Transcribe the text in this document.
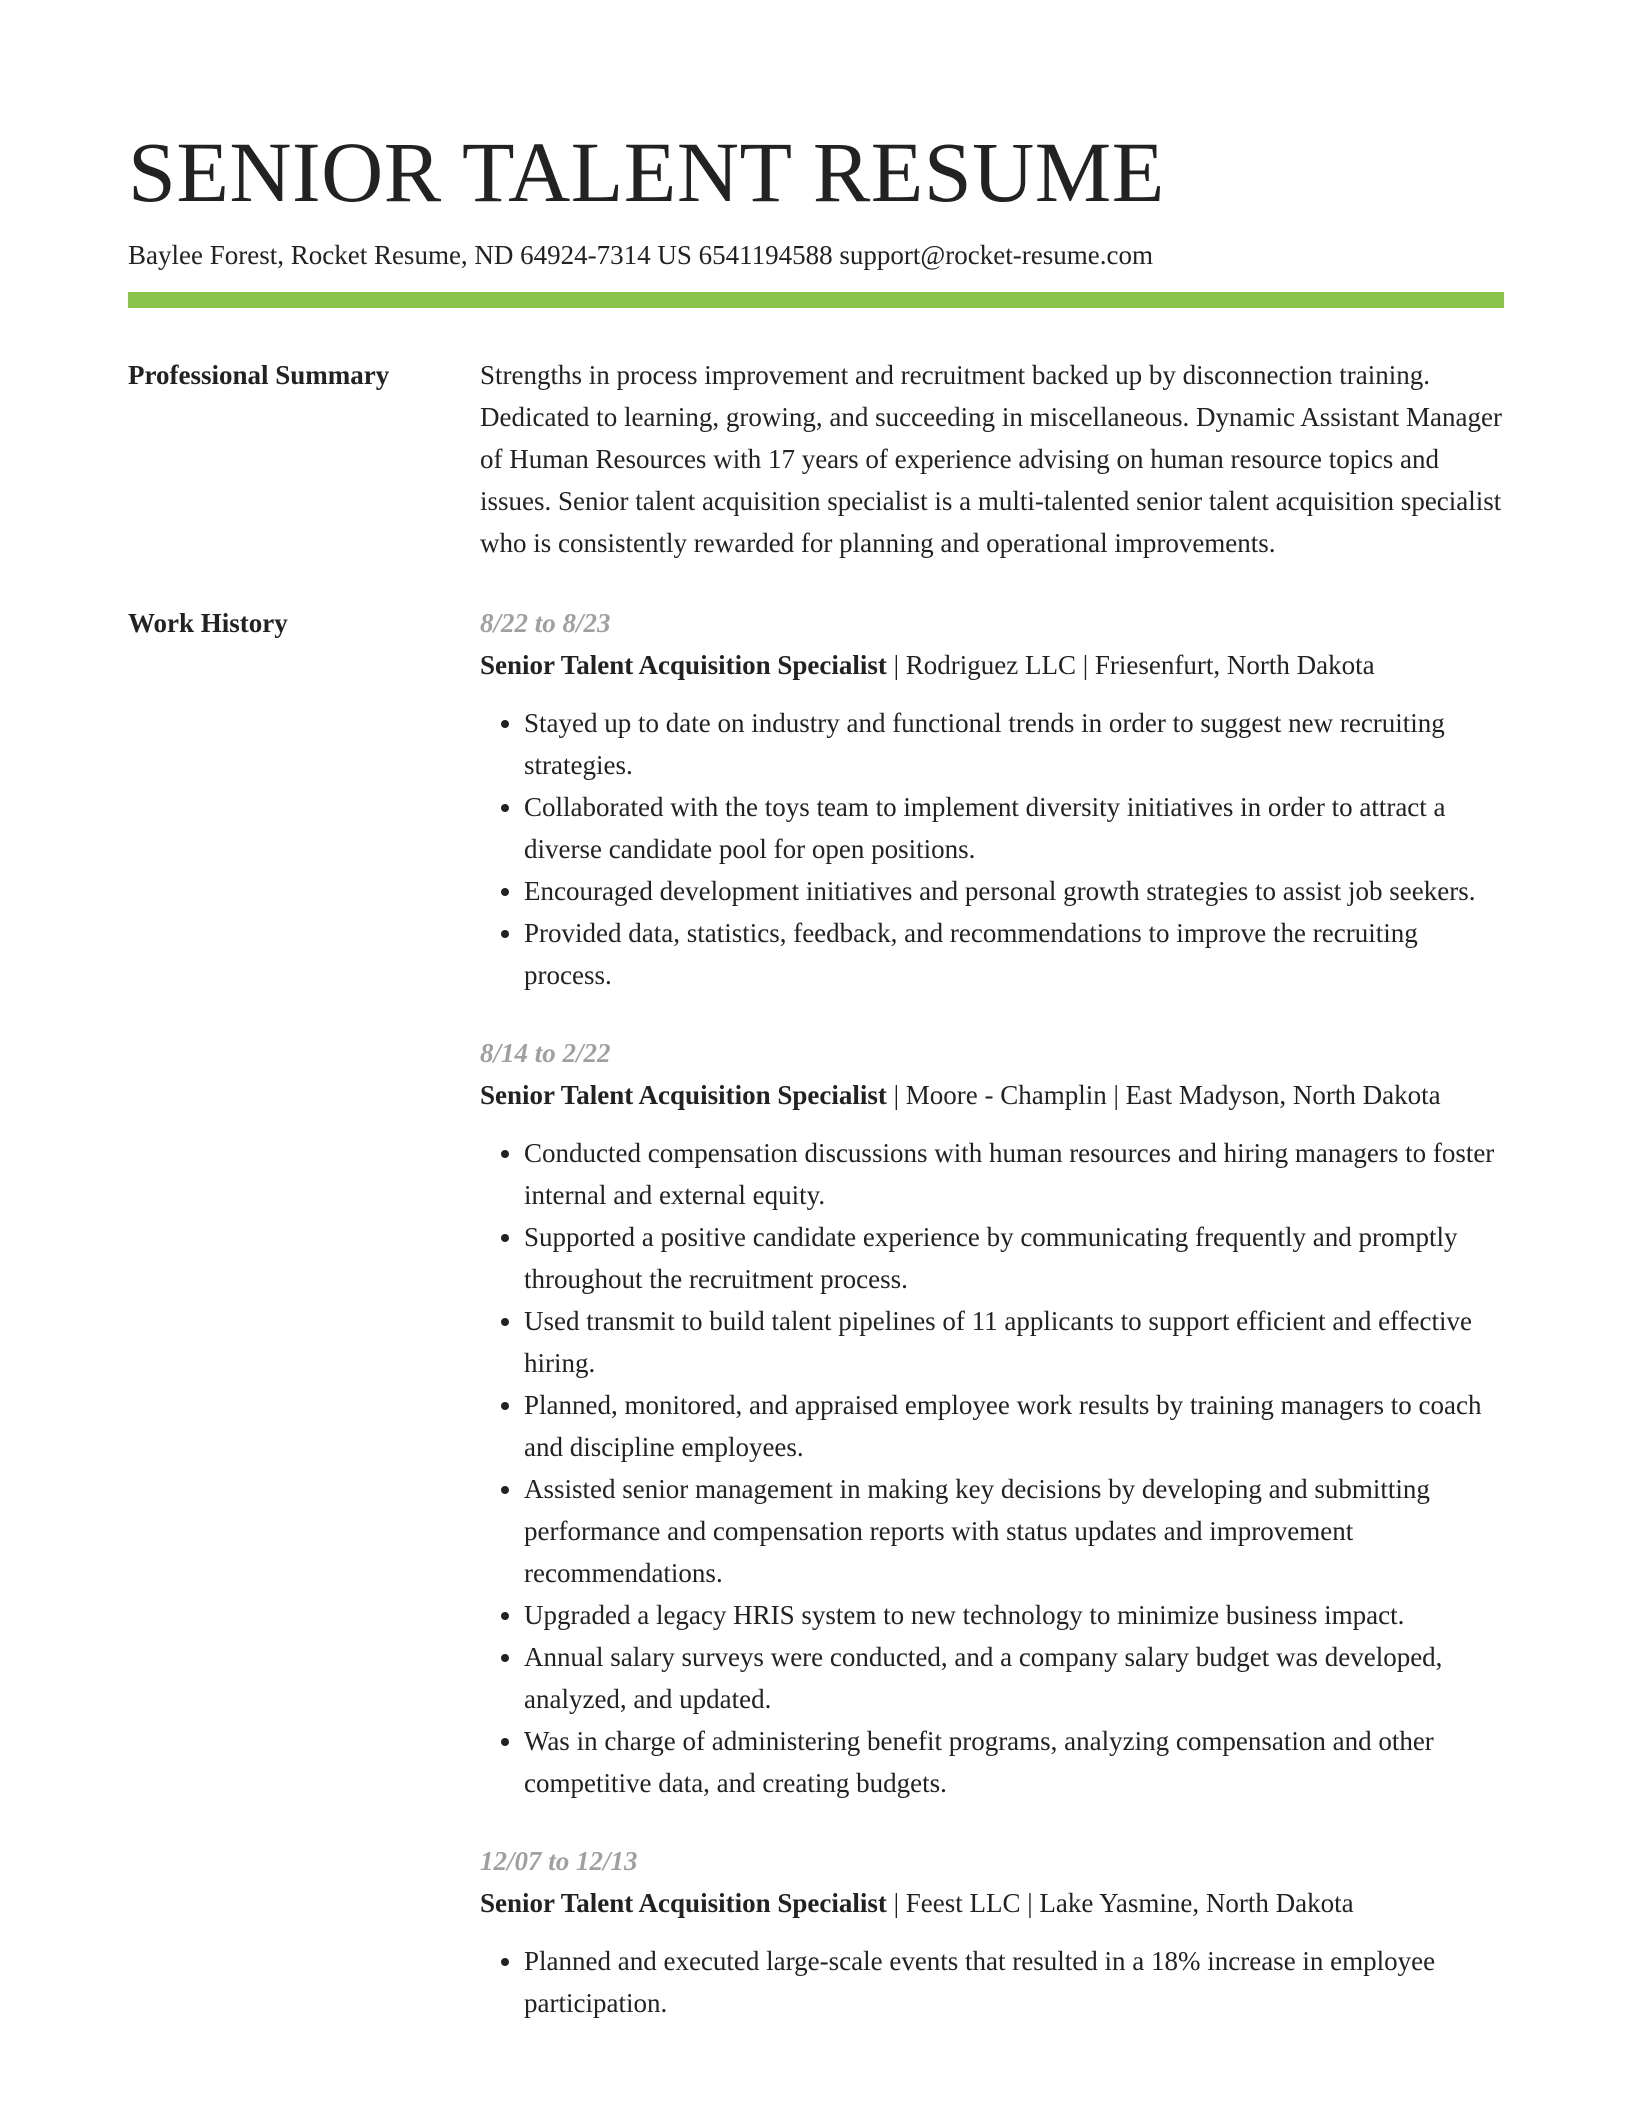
SENIOR TALENT RESUME
Baylee Forest, Rocket Resume, ND 64924-7314 US 6541194588 support@rocket-resume.com
Professional Summary	Strengths in process improvement and recruitment backed up by disconnection training. Dedicated to learning, growing, and succeeding in miscellaneous. Dynamic Assistant Manager of Human Resources with 17 years of experience advising on human resource topics and issues. Senior talent acquisition specialist is a multi-talented senior talent acquisition specialist who is consistently rewarded for planning and operational improvements.

Work History	8/22 to 8/23
Senior Talent Acquisition Specialist | Rodriguez LLC | Friesenfurt, North Dakota
• Stayed up to date on industry and functional trends in order to suggest new recruiting strategies.
• Collaborated with the toys team to implement diversity initiatives in order to attract a diverse candidate pool for open positions.
• Encouraged development initiatives and personal growth strategies to assist job seekers.
• Provided data, statistics, feedback, and recommendations to improve the recruiting process.
8/14 to 2/22
Senior Talent Acquisition Specialist | Moore - Champlin | East Madyson, North Dakota
• Conducted compensation discussions with human resources and hiring managers to foster internal and external equity.
• Supported a positive candidate experience by communicating frequently and promptly throughout the recruitment process.
• Used transmit to build talent pipelines of 11 applicants to support efficient and effective hiring.
• Planned, monitored, and appraised employee work results by training managers to coach and discipline employees.
• Assisted senior management in making key decisions by developing and submitting performance and compensation reports with status updates and improvement recommendations.
• Upgraded a legacy HRIS system to new technology to minimize business impact.
• Annual salary surveys were conducted, and a company salary budget was developed, analyzed, and updated.
• Was in charge of administering benefit programs, analyzing compensation and other competitive data, and creating budgets.
12/07 to 12/13
Senior Talent Acquisition Specialist | Feest LLC | Lake Yasmine, North Dakota
• Planned and executed large-scale events that resulted in a 18% increase in employee participation.
